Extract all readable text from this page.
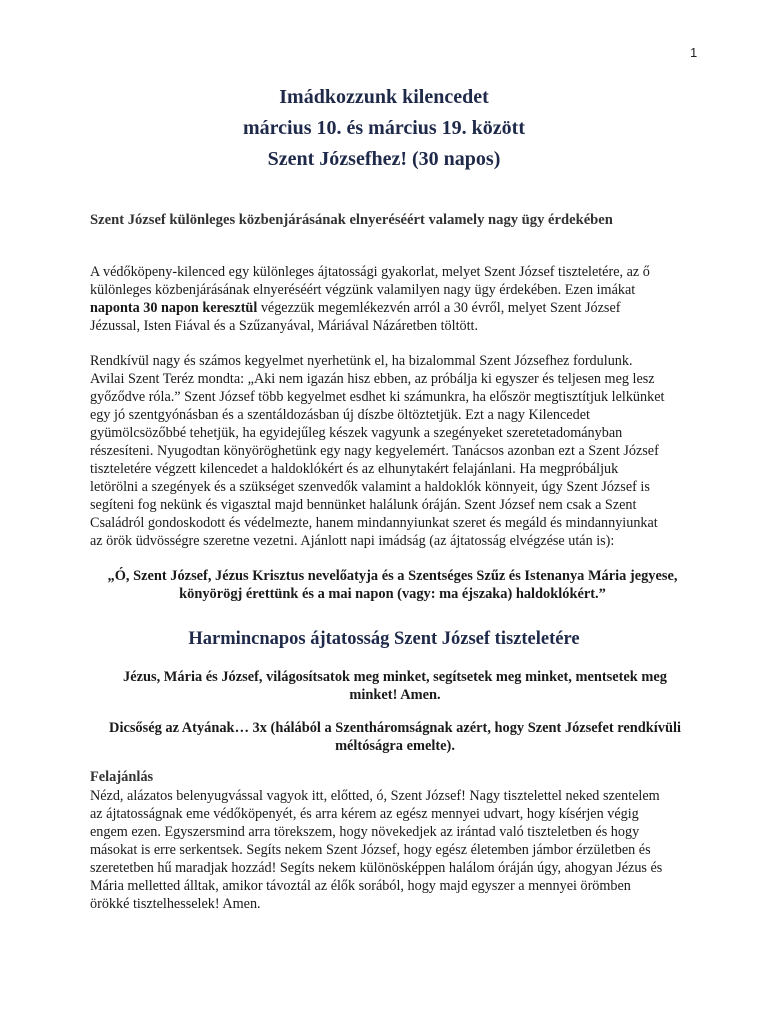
1
Imádkozzunk kilencedet
március 10. és március 19. között
Szent Józsefhez! (30 napos)
Szent József különleges közbenjárásának elnyeréséért valamely nagy ügy érdekében

A védőköpeny-kilenced egy különleges ájtatossági gyakorlat, melyet Szent József tiszteletére, az ő

különleges közbenjárásának elnyeréséért végzünk valamilyen nagy ügy érdekében. Ezen imákat

naponta 30 napon keresztül végezzük megemlékezvén arról a 30 évről, melyet Szent József

Jézussal, Isten Fiával és a Szűzanyával, Máriával Názáretben töltött.

Rendkívül nagy és számos kegyelmet nyerhetünk el, ha bizalommal Szent Józsefhez fordulunk.

Avilai Szent Teréz mondta: „Aki nem igazán hisz ebben, az próbálja ki egyszer és teljesen meg lesz

győződve róla.” Szent József több kegyelmet esdhet ki számunkra, ha először megtisztítjuk lelkünket

egy jó szentgyónásban és a szentáldozásban új díszbe öltöztetjük. Ezt a nagy Kilencedet

gyümölcsözőbbé tehetjük, ha egyidejűleg készek vagyunk a szegényeket szeretetadományban

részesíteni. Nyugodtan könyöröghetünk egy nagy kegyelemért. Tanácsos azonban ezt a Szent József

tiszteletére végzett kilencedet a haldoklókért és az elhunytakért felajánlani. Ha megpróbáljuk

letörölni a szegények és a szükséget szenvedők valamint a haldoklók könnyeit, úgy Szent József is

segíteni fog nekünk és vigasztal majd bennünket halálunk óráján. Szent József nem csak a Szent

Családról gondoskodott és védelmezte, hanem mindannyiunkat szeret és megáld és mindannyiunkat

az örök üdvösségre szeretne vezetni. Ajánlott napi imádság (az ájtatosság elvégzése után is):

„Ó, Szent József, Jézus Krisztus nevelőatyja és a Szentséges Szűz és Istenanya Mária jegyese,
könyörögj érettünk és a mai napon (vagy: ma éjszaka) haldoklókért.”
Harmincnapos ájtatosság Szent József tiszteletére
Jézus, Mária és József, világosítsatok meg minket, segítsetek meg minket, mentsetek meg
minket! Amen.
Dicsőség az Atyának… 3x (hálából a Szentháromságnak azért, hogy Szent Józsefet rendkívüli
méltóságra emelte).
Felajánlás

Nézd, alázatos belenyugvással vagyok itt, előtted, ó, Szent József! Nagy tisztelettel neked szentelem

az ájtatosságnak eme védőköpenyét, és arra kérem az egész mennyei udvart, hogy kísérjen végig

engem ezen. Egyszersmind arra törekszem, hogy növekedjek az irántad való tiszteletben és hogy

másokat is erre serkentsek. Segíts nekem Szent József, hogy egész életemben jámbor érzületben és

szeretetben hű maradjak hozzád! Segíts nekem különösképpen halálom óráján úgy, ahogyan Jézus és

Mária melletted álltak, amikor távoztál az élők sorából, hogy majd egyszer a mennyei örömben

örökké tisztelhesselek! Amen.
